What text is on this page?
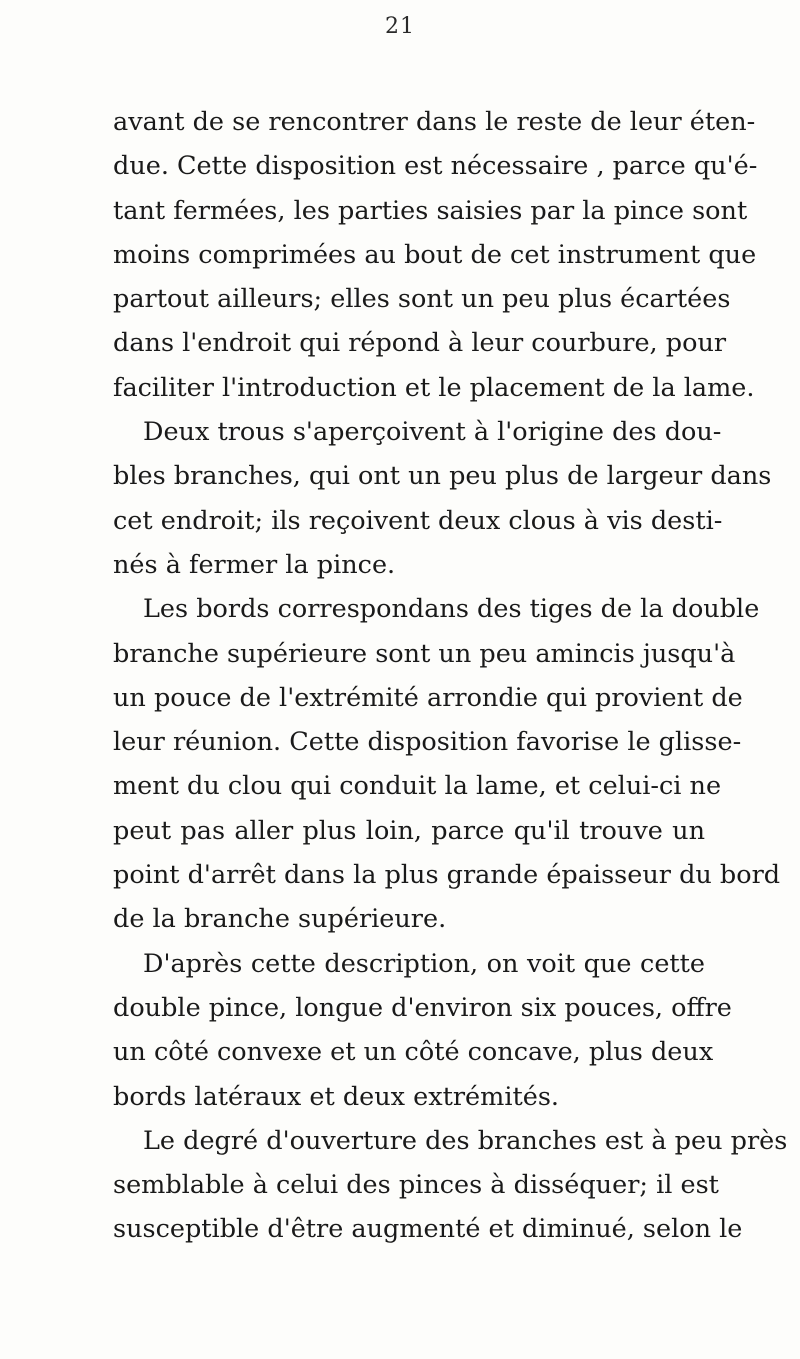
21
avant de se rencontrer dans le reste de leur éten-
due. Cette disposition est nécessaire , parce qu'é-
tant fermées, les parties saisies par la pince sont
moins comprimées au bout de cet instrument que
partout ailleurs; elles sont un peu plus écartées
dans l'endroit qui répond à leur courbure, pour
faciliter l'introduction et le placement de la lame.
Deux trous s'aperçoivent à l'origine des dou-
bles branches, qui ont un peu plus de largeur dans
cet endroit; ils reçoivent deux clous à vis desti-
nés à fermer la pince.
Les bords correspondans des tiges de la double
branche supérieure sont un peu amincis jusqu'à
un pouce de l'extrémité arrondie qui provient de
leur réunion. Cette disposition favorise le glisse-
ment du clou qui conduit la lame, et celui-ci ne
peut pas aller plus loin, parce qu'il trouve un
point d'arrêt dans la plus grande épaisseur du bord
de la branche supérieure.
D'après cette description, on voit que cette
double pince, longue d'environ six pouces, offre
un côté convexe et un côté concave, plus deux
bords latéraux et deux extrémités.
Le degré d'ouverture des branches est à peu près
semblable à celui des pinces à disséquer; il est
susceptible d'être augmenté et diminué, selon le
